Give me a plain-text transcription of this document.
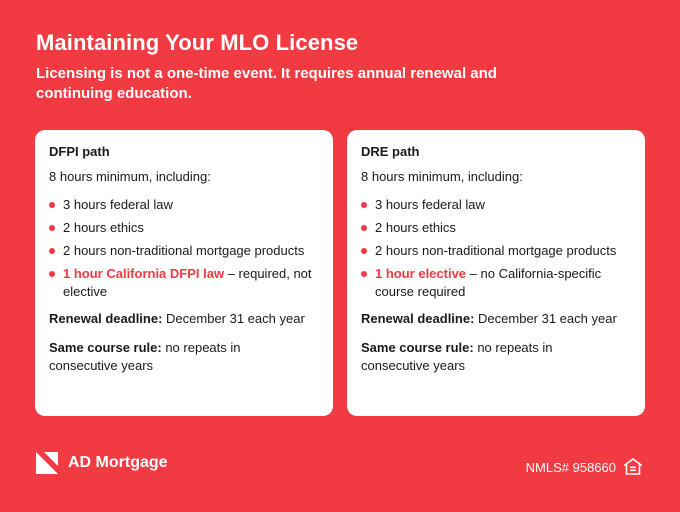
Maintaining Your MLO License
Licensing is not a one-time event. It requires annual renewal and continuing education.
DFPI path
8 hours minimum, including:
3 hours federal law
2 hours ethics
2 hours non-traditional mortgage products
1 hour California DFPI law – required, not elective
Renewal deadline: December 31 each year
Same course rule: no repeats in consecutive years
DRE path
8 hours minimum, including:
3 hours federal law
2 hours ethics
2 hours non-traditional mortgage products
1 hour elective – no California-specific course required
Renewal deadline: December 31 each year
Same course rule: no repeats in consecutive years
AD Mortgage	NMLS# 958660
